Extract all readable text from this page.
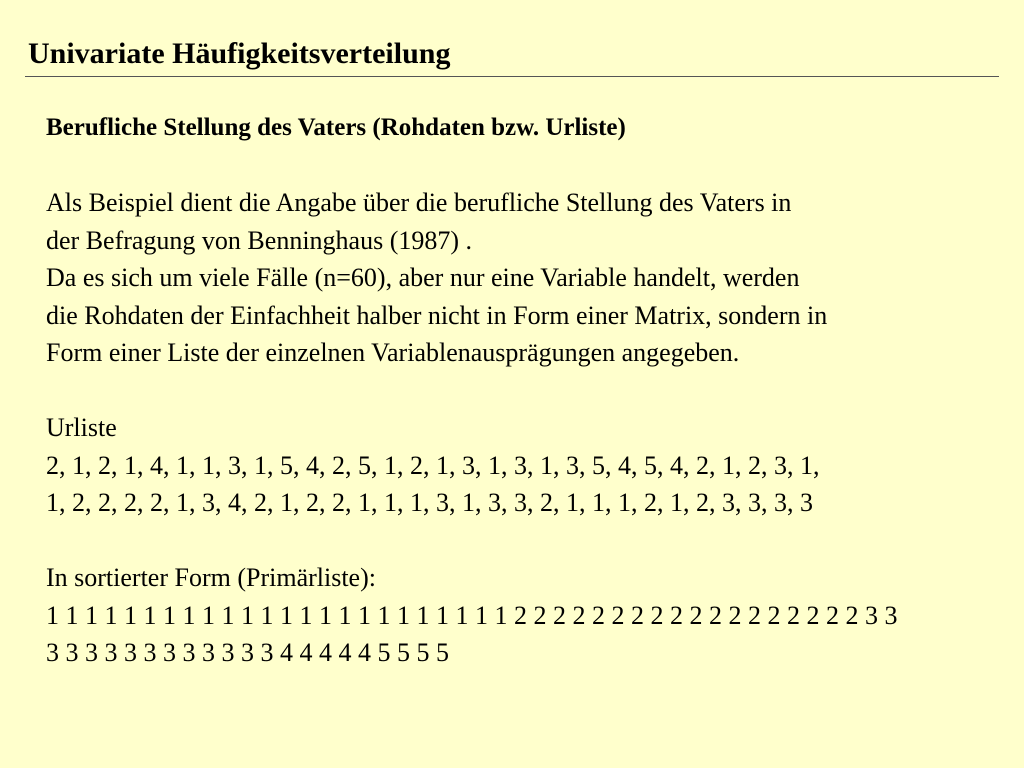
Univariate Häufigkeitsverteilung

Berufliche Stellung des Vaters (Rohdaten bzw. Urliste)

Als Beispiel dient die Angabe über die berufliche Stellung des Vaters in

der Befragung von Benninghaus (1987) .

Da es sich um viele Fälle (n=60), aber nur eine Variable handelt, werden

die Rohdaten der Einfachheit halber nicht in Form einer Matrix, sondern in

Form einer Liste der einzelnen Variablenausprägungen angegeben.

Urliste

2, 1, 2, 1, 4, 1, 1, 3, 1, 5, 4, 2, 5, 1, 2, 1, 3, 1, 3, 1, 3, 5, 4, 5, 4, 2, 1, 2, 3, 1,

1, 2, 2, 2, 2, 1, 3, 4, 2, 1, 2, 2, 1, 1, 1, 3, 1, 3, 3, 2, 1, 1, 1, 2, 1, 2, 3, 3, 3, 3

In sortierter Form (Primärliste):

1 1 1 1 1 1 1 1 1 1 1 1 1 1 1 1 1 1 1 1 1 1 1 1 2 2 2 2 2 2 2 2 2 2 2 2 2 2 2 2 2 2 3 3

3 3 3 3 3 3 3 3 3 3 3 3 4 4 4 4 4 5 5 5 5
